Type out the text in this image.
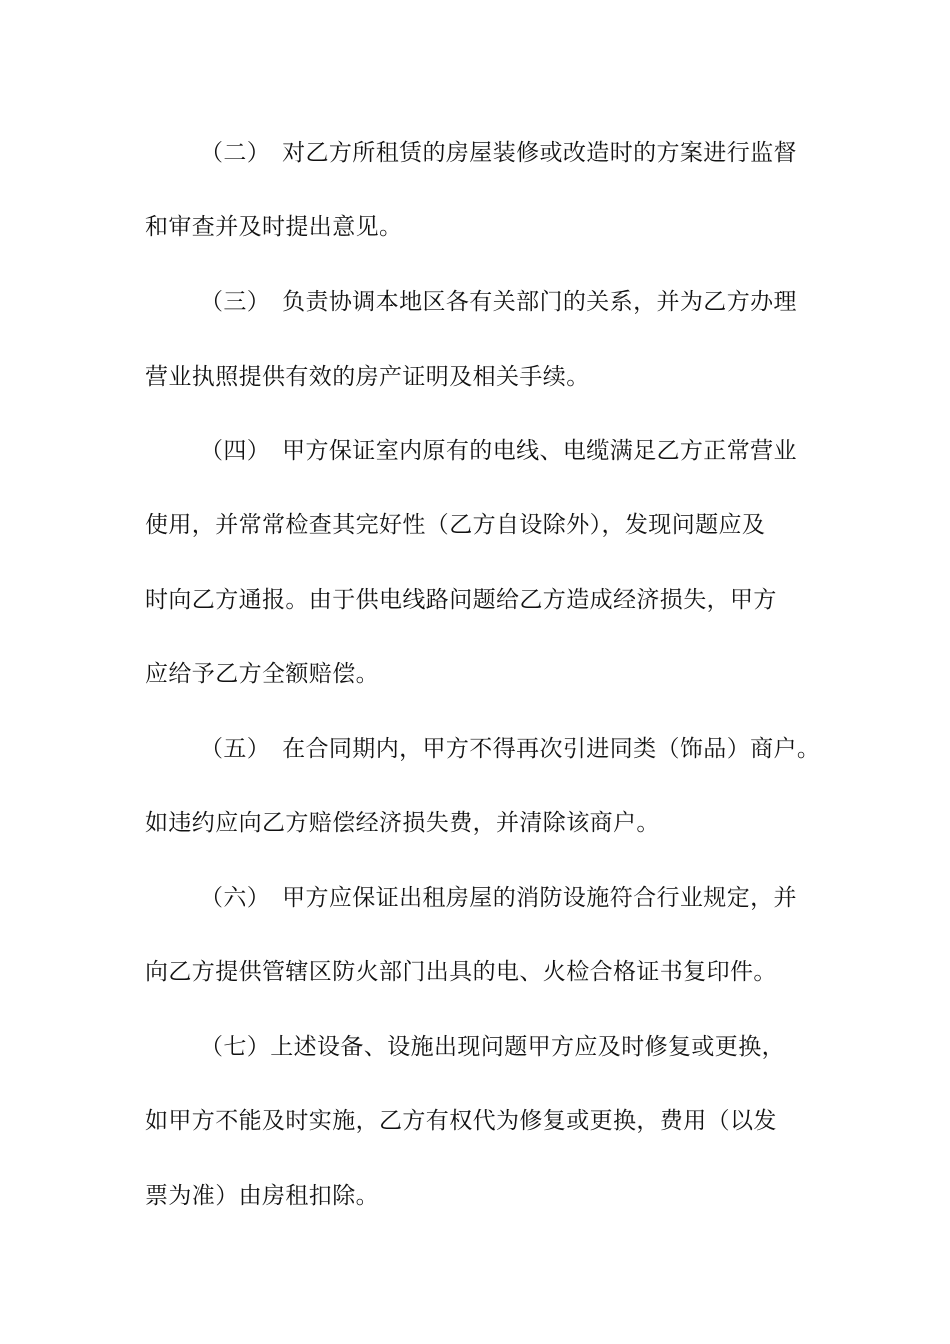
（二）　对乙方所租赁的房屋装修或改造时的方案进行监督
和审查并及时提出意见。
（三）　负责协调本地区各有关部门的关系，并为乙方办理
营业执照提供有效的房产证明及相关手续。
（四）　甲方保证室内原有的电线、电缆满足乙方正常营业
使用，并常常检查其完好性（乙方自设除外），发现问题应及
时向乙方通报。由于供电线路问题给乙方造成经济损失，甲方
应给予乙方全额赔偿。
（五）　在合同期内，甲方不得再次引进同类（饰品）商户。
如违约应向乙方赔偿经济损失费，并清除该商户。
（六）　甲方应保证出租房屋的消防设施符合行业规定，并
向乙方提供管辖区防火部门出具的电、火检合格证书复印件。
（七）上述设备、设施出现问题甲方应及时修复或更换，
如甲方不能及时实施，乙方有权代为修复或更换，费用（以发
票为准）由房租扣除。
